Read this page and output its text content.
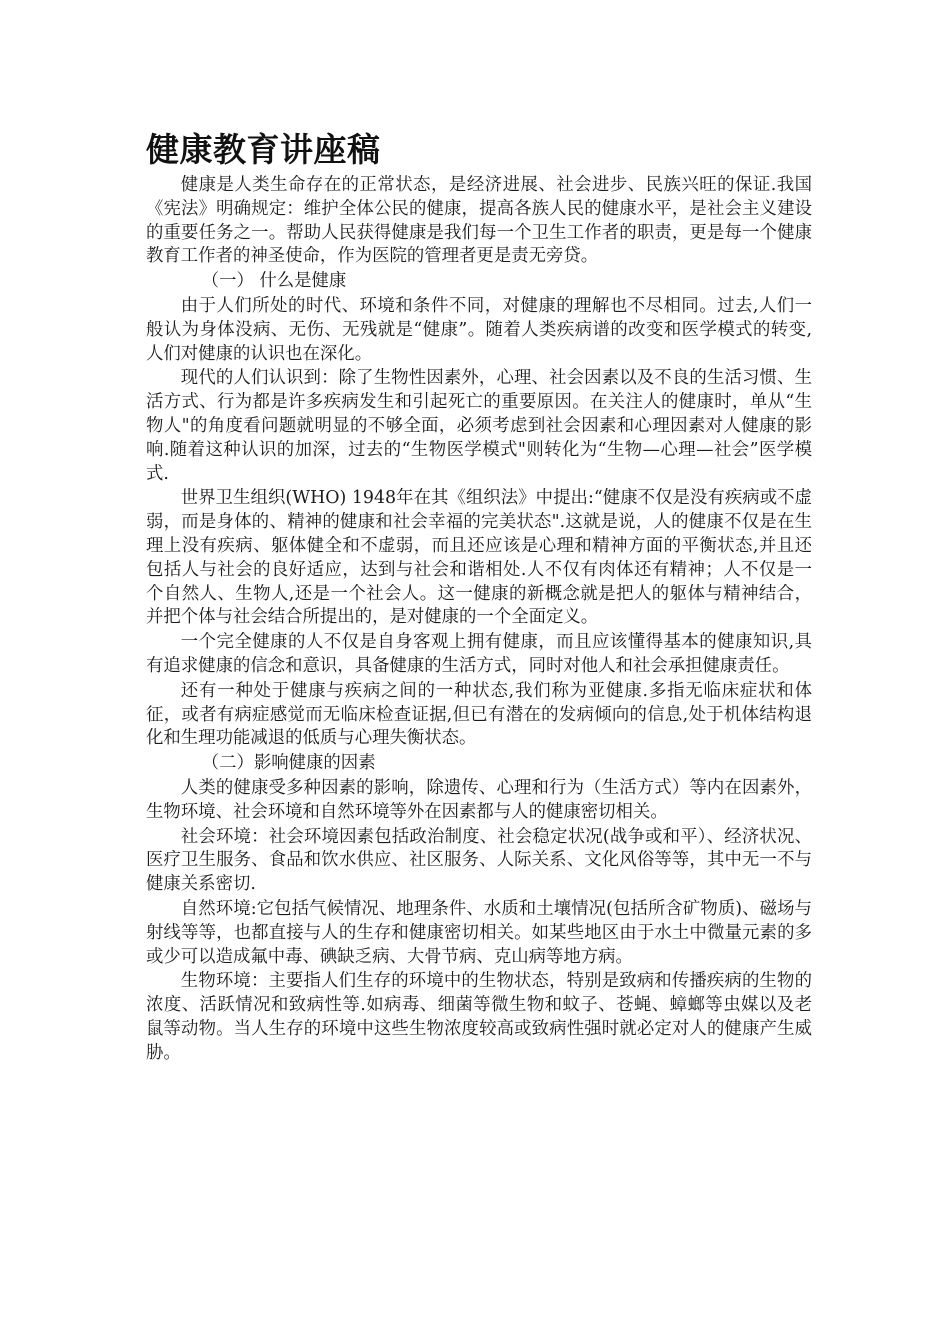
健康教育讲座稿

健康是人类生命存在的正常状态，是经济进展、社会进步、民族兴旺的保证.我国《宪法》明确规定：维护全体公民的健康，提高各族人民的健康水平，是社会主义建设的重要任务之一。帮助人民获得健康是我们每一个卫生工作者的职责，更是每一个健康教育工作者的神圣使命，作为医院的管理者更是责无旁贷。

（一） 什么是健康

由于人们所处的时代、环境和条件不同，对健康的理解也不尽相同。过去,人们一般认为身体没病、无伤、无残就是“健康”。随着人类疾病谱的改变和医学模式的转变,人们对健康的认识也在深化。

现代的人们认识到：除了生物性因素外，心理、社会因素以及不良的生活习惯、生活方式、行为都是许多疾病发生和引起死亡的重要原因。在关注人的健康时，单从“生物人"的角度看问题就明显的不够全面，必须考虑到社会因素和心理因素对人健康的影响.随着这种认识的加深，过去的“生物医学模式"则转化为“生物—心理—社会”医学模式.

世界卫生组织(WHO) 1948年在其《组织法》中提出:“健康不仅是没有疾病或不虚弱，而是身体的、精神的健康和社会幸福的完美状态".这就是说，人的健康不仅是在生理上没有疾病、躯体健全和不虚弱，而且还应该是心理和精神方面的平衡状态,并且还包括人与社会的良好适应，达到与社会和谐相处.人不仅有肉体还有精神；人不仅是一个自然人、生物人,还是一个社会人。这一健康的新概念就是把人的躯体与精神结合，并把个体与社会结合所提出的，是对健康的一个全面定义。

一个完全健康的人不仅是自身客观上拥有健康，而且应该懂得基本的健康知识,具有追求健康的信念和意识，具备健康的生活方式，同时对他人和社会承担健康责任。

还有一种处于健康与疾病之间的一种状态,我们称为亚健康.多指无临床症状和体征，或者有病症感觉而无临床检查证据,但已有潜在的发病倾向的信息,处于机体结构退化和生理功能减退的低质与心理失衡状态。

（二）影响健康的因素

人类的健康受多种因素的影响，除遗传、心理和行为（生活方式）等内在因素外，生物环境、社会环境和自然环境等外在因素都与人的健康密切相关。

社会环境：社会环境因素包括政治制度、社会稳定状况(战争或和平）、经济状况、医疗卫生服务、食品和饮水供应、社区服务、人际关系、文化风俗等等，其中无一不与健康关系密切.

自然环境:它包括气候情况、地理条件、水质和土壤情况(包括所含矿物质)、磁场与射线等等，也都直接与人的生存和健康密切相关。如某些地区由于水土中微量元素的多或少可以造成氟中毒、碘缺乏病、大骨节病、克山病等地方病。

生物环境：主要指人们生存的环境中的生物状态，特别是致病和传播疾病的生物的浓度、活跃情况和致病性等.如病毒、细菌等微生物和蚊子、苍蝇、蟑螂等虫媒以及老鼠等动物。当人生存的环境中这些生物浓度较高或致病性强时就必定对人的健康产生威胁。
